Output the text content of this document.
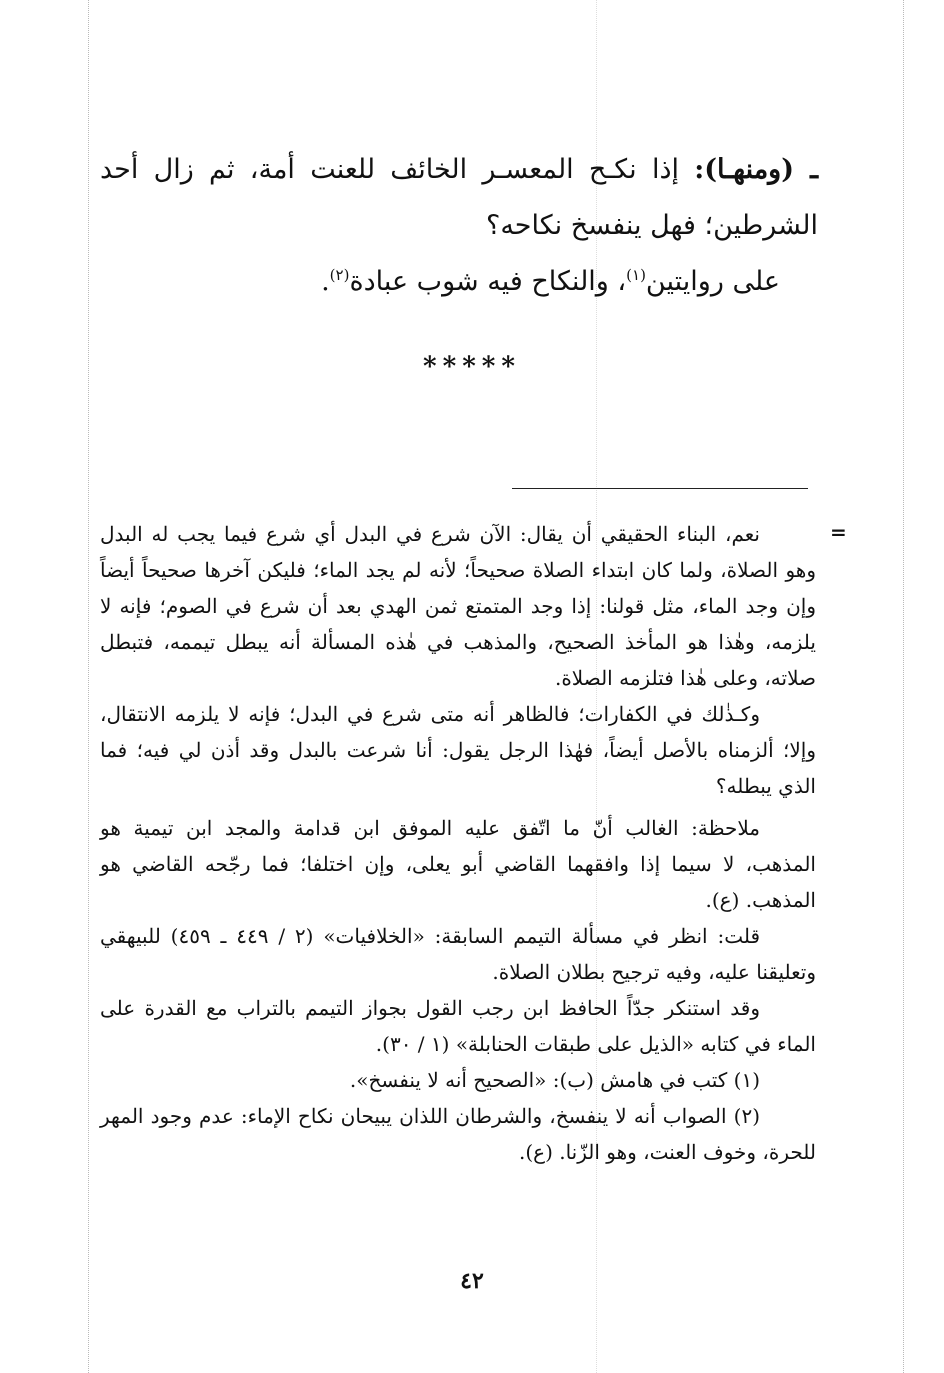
ـ (ومنهـا): إذا نكـح المعسـر الخائف للعنت أمة، ثم زال أحد الشرطين؛ فهل ينفسخ نكاحه؟
على روايتين$^{(١)}$، والنكاح فيه شوب عبادة$^{(٢)}$.
*****
=

نعم، البناء الحقيقي أن يقال: الآن شرع في البدل أي شرع فيما يجب له البدل وهو الصلاة، ولما كان ابتداء الصلاة صحيحاً؛ لأنه لم يجد الماء؛ فليكن آخرها صحيحاً أيضاً وإن وجد الماء، مثل قولنا: إذا وجد المتمتع ثمن الهدي بعد أن شرع في الصوم؛ فإنه لا يلزمه، وهٰذا هو المأخذ الصحيح، والمذهب في هٰذه المسألة أنه يبطل تيممه، فتبطل صلاته، وعلى هٰذا فتلزمه الصلاة.

وكـذٰلك في الكفارات؛ فالظاهر أنه متى شرع في البدل؛ فإنه لا يلزمه الانتقال، وإلا؛ ألزمناه بالأصل أيضاً، فهٰذا الرجل يقول: أنا شرعت بالبدل وقد أذن لي فيه؛ فما الذي يبطله؟

ملاحظة: الغالب أنّ ما اتّفق عليه الموفق ابن قدامة والمجد ابن تيمية هو المذهب، لا سيما إذا وافقهما القاضي أبو يعلى، وإن اختلفا؛ فما رجّحه القاضي هو المذهب. (ع).

قلت: انظر في مسألة التيمم السابقة: «الخلافيات» (٢ / ٤٤٩ ـ ٤٥٩) للبيهقي وتعليقنا عليه، وفيه ترجيح بطلان الصلاة.

وقد استنكر جدّاً الحافظ ابن رجب القول بجواز التيمم بالتراب مع القدرة على الماء في كتابه «الذيل على طبقات الحنابلة» (١ / ٣٠).

(١) كتب في هامش (ب): «الصحيح أنه لا ينفسخ».

(٢) الصواب أنه لا ينفسخ، والشرطان اللذان يبيحان نكاح الإماء: عدم وجود المهر للحرة، وخوف العنت، وهو الزّنا. (ع).

٤٢
